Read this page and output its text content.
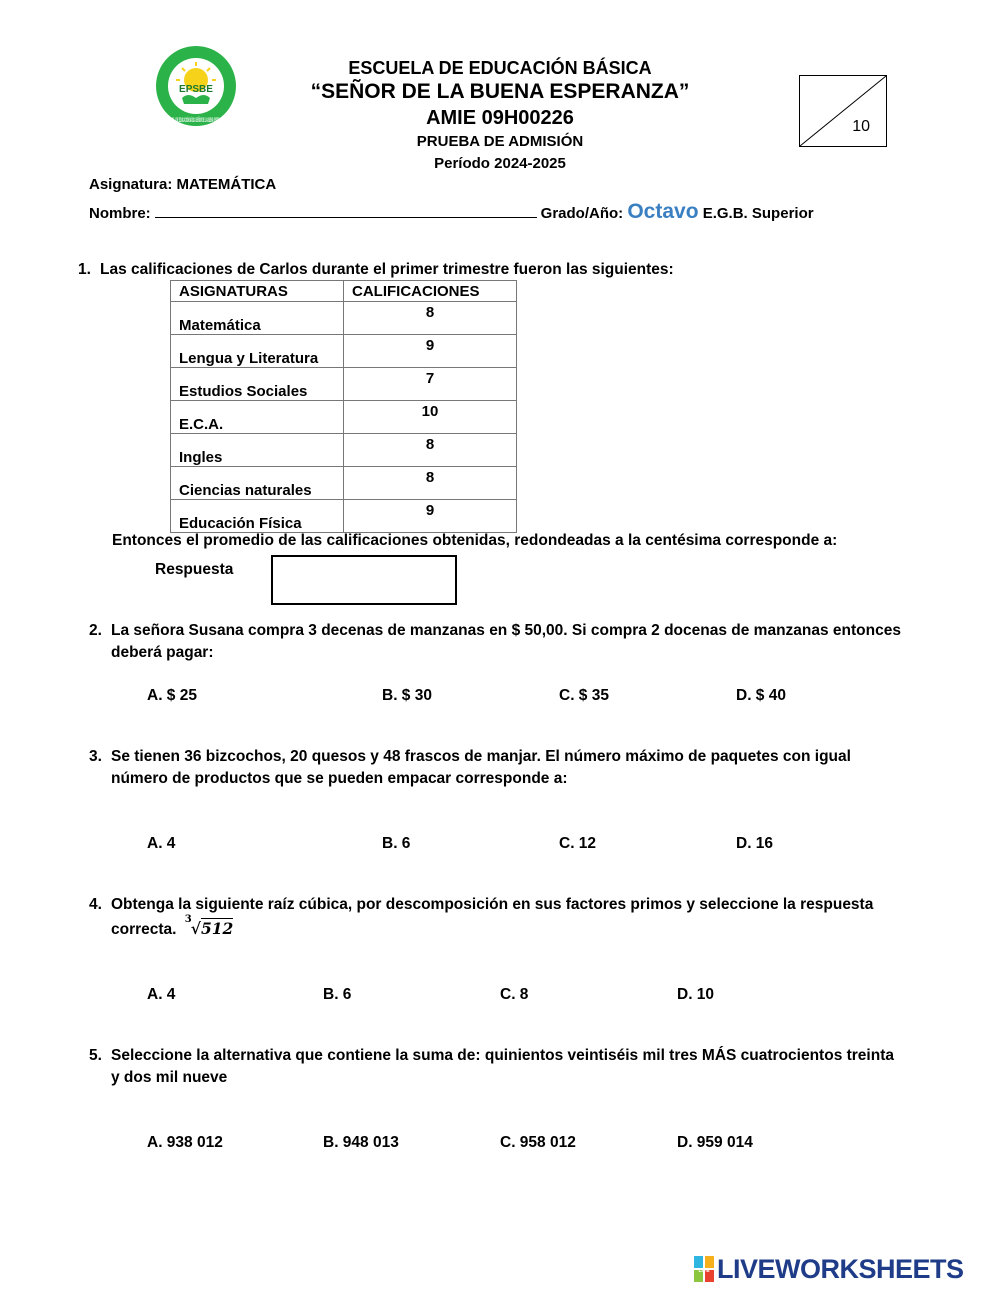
ESCUELA DE EDUCACIÓN BÁSICA SEÑOR DE LA BUENA ESPERANZA
EPSBE
ESCUELA DE EDUCACIÓN BÁSICA
“SEÑOR DE LA BUENA ESPERANZA”
AMIE 09H00226
PRUEBA DE ADMISIÓN
Período 2024-2025
10
Asignatura: MATEMÁTICA
Nombre:	Grado/Año: Octavo E.G.B. Superior
1. Las calificaciones de Carlos durante el primer trimestre fueron las siguientes:
ASIGNATURAS	CALIFICACIONES
Matemática	8
Lengua y Literatura	9
Estudios Sociales	7
E.C.A.	10
Ingles	8
Ciencias naturales	8
Educación Física	9
Entonces el promedio de las calificaciones obtenidas, redondeadas a la centésima corresponde a:
Respuesta
2. La señora Susana compra 3 decenas de manzanas en $ 50,00. Si compra 2 docenas de manzanas entonces
deberá pagar:
A. $ 25	B. $ 30	C. $ 35	D. $ 40
3. Se tienen 36 bizcochos, 20 quesos y 48 frascos de manjar. El número máximo de paquetes con igual
número de productos que se pueden empacar corresponde a:
A. 4	B. 6	C. 12	D. 16
4. Obtenga la siguiente raíz cúbica, por descomposición en sus factores primos y seleccione la respuesta
correcta.
3 √512
A. 4	B. 6	C. 8	D. 10
5. Seleccione la alternativa que contiene la suma de: quinientos veintiséis mil tres MÁS cuatrocientos treinta
y dos mil nueve
A. 938 012	B. 948 013	C. 958 012	D. 959 014
LIVE LIVEWORKSHEETS
